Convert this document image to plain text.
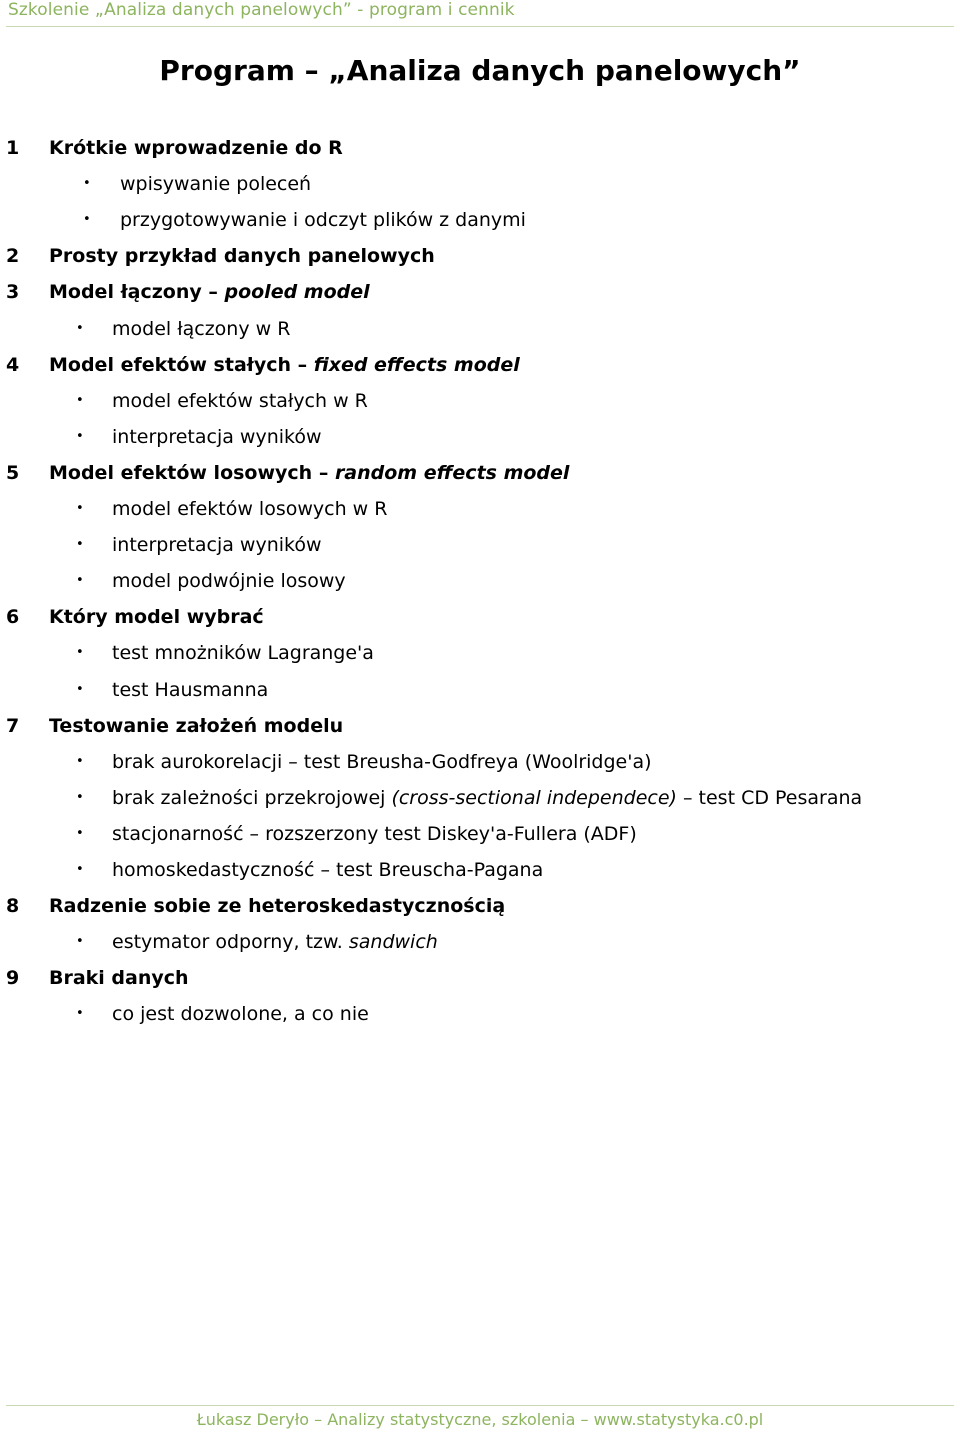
Szkolenie „Analiza danych panelowych” - program i cennik
Program – „Analiza danych panelowych”
1 Krótkie wprowadzenie do R
• wpisywanie poleceń
• przygotowywanie i odczyt plików z danymi
2 Prosty przykład danych panelowych
3 Model łączony – pooled model
• model łączony w R
4 Model efektów stałych – fixed effects model
• model efektów stałych w R
• interpretacja wyników
5 Model efektów losowych – random effects model
• model efektów losowych w R
• interpretacja wyników
• model podwójnie losowy
6 Który model wybrać
• test mnożników Lagrange'a
• test Hausmanna
7 Testowanie założeń modelu
• brak aurokorelacji – test Breusha-Godfreya (Woolridge'a)
• brak zależności przekrojowej (cross-sectional independece) – test CD Pesarana
• stacjonarność – rozszerzony test Diskey'a-Fullera (ADF)
• homoskedastyczność – test Breuscha-Pagana
8 Radzenie sobie ze heteroskedastycznością
• estymator odporny, tzw. sandwich
9 Braki danych
• co jest dozwolone, a co nie
Łukasz Deryło – Analizy statystyczne, szkolenia – www.statystyka.c0.pl
